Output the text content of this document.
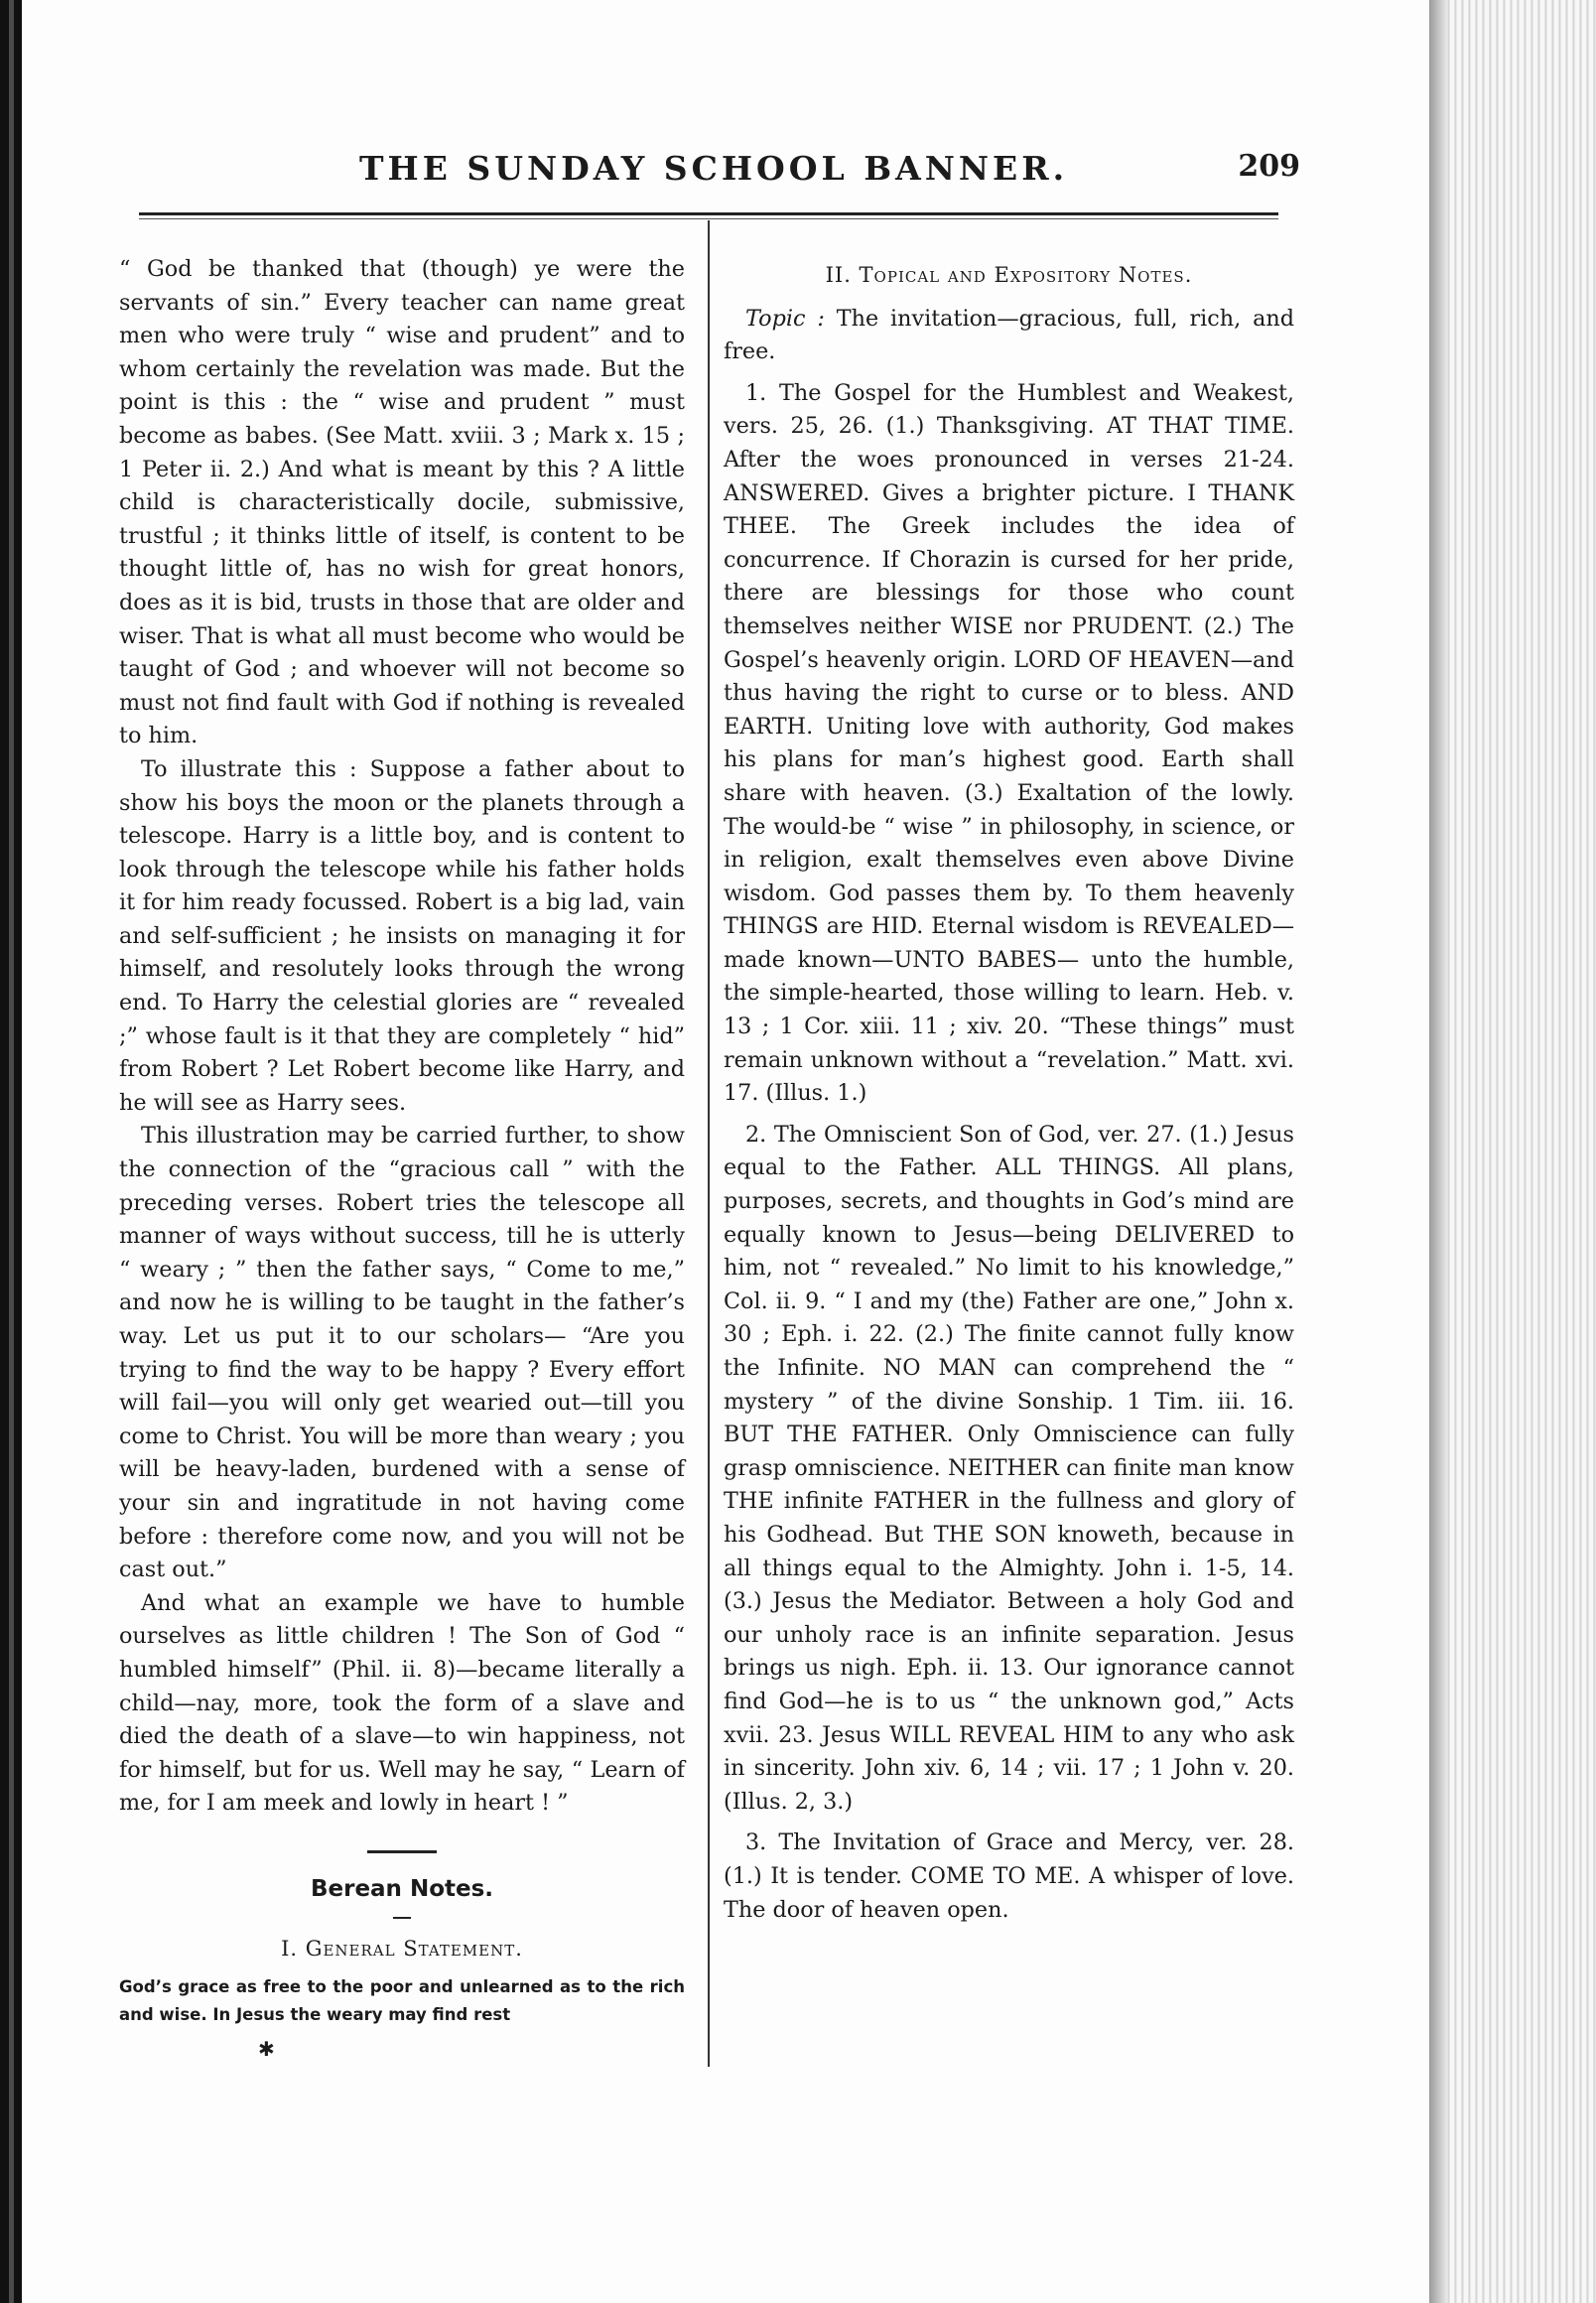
THE SUNDAY SCHOOL BANNER.	209

“ God be thanked that (though) ye were the servants of sin.” Every teacher can name great men who were truly “ wise and prudent” and to whom certainly the revelation was made. But the point is this : the “ wise and prudent ” must become as babes. (See Matt. xviii. 3 ; Mark x. 15 ; 1 Peter ii. 2.) And what is meant by this ? A little child is characteristically docile, submissive, trustful ; it thinks little of itself, is content to be thought little of, has no wish for great honors, does as it is bid, trusts in those that are older and wiser. That is what all must become who would be taught of God ; and whoever will not become so must not find fault with God if nothing is revealed to him.

To illustrate this : Suppose a father about to show his boys the moon or the planets through a telescope. Harry is a little boy, and is content to look through the telescope while his father holds it for him ready focussed. Robert is a big lad, vain and self-sufficient ; he insists on managing it for himself, and resolutely looks through the wrong end. To Harry the celestial glories are “ revealed ;” whose fault is it that they are completely “ hid” from Robert ? Let Robert become like Harry, and he will see as Harry sees.

This illustration may be carried further, to show the connection of the “gracious call ” with the preceding verses. Robert tries the telescope all manner of ways without success, till he is utterly “ weary ; ” then the father says, “ Come to me,” and now he is willing to be taught in the father’s way. Let us put it to our scholars— “Are you trying to find the way to be happy ? Every effort will fail—you will only get wearied out—till you come to Christ. You will be more than weary ; you will be heavy-laden, burdened with a sense of your sin and ingratitude in not having come before : therefore come now, and you will not be cast out.”

And what an example we have to humble ourselves as little children ! The Son of God “ humbled himself” (Phil. ii. 8)—became literally a child—nay, more, took the form of a slave and died the death of a slave—to win happiness, not for himself, but for us. Well may he say, “ Learn of me, for I am meek and lowly in heart ! ”

Berean Notes.
I. General Statement.
God’s grace as free to the poor and unlearned as to the rich and wise. In Jesus the weary may find rest
✱

II. Topical and Expository Notes.

Topic : The invitation—gracious, full, rich, and free.

1. The Gospel for the Humblest and Weakest, vers. 25, 26. (1.) Thanksgiving. AT THAT TIME. After the woes pronounced in verses 21-24. ANSWERED. Gives a brighter picture. I THANK THEE. The Greek includes the idea of concurrence. If Chorazin is cursed for her pride, there are blessings for those who count themselves neither WISE nor PRUDENT. (2.) The Gospel’s heavenly origin. LORD OF HEAVEN—and thus having the right to curse or to bless. AND EARTH. Uniting love with authority, God makes his plans for man’s highest good. Earth shall share with heaven. (3.) Exaltation of the lowly. The would-be “ wise ” in philosophy, in science, or in religion, exalt themselves even above Divine wisdom. God passes them by. To them heavenly THINGS are HID. Eternal wisdom is REVEALED—made known—UNTO BABES— unto the humble, the simple-hearted, those willing to learn. Heb. v. 13 ; 1 Cor. xiii. 11 ; xiv. 20. “These things” must remain unknown without a “revelation.” Matt. xvi. 17. (Illus. 1.)

2. The Omniscient Son of God, ver. 27. (1.) Jesus equal to the Father. ALL THINGS. All plans, purposes, secrets, and thoughts in God’s mind are equally known to Jesus—being DELIVERED to him, not “ revealed.” No limit to his knowledge,” Col. ii. 9. “ I and my (the) Father are one,” John x. 30 ; Eph. i. 22. (2.) The finite cannot fully know the Infinite. NO MAN can comprehend the “ mystery ” of the divine Sonship. 1 Tim. iii. 16. BUT THE FATHER. Only Omniscience can fully grasp omniscience. NEITHER can finite man know THE infinite FATHER in the fullness and glory of his Godhead. But THE SON knoweth, because in all things equal to the Almighty. John i. 1-5, 14. (3.) Jesus the Mediator. Between a holy God and our unholy race is an infinite separation. Jesus brings us nigh. Eph. ii. 13. Our ignorance cannot find God—he is to us “ the unknown god,” Acts xvii. 23. Jesus WILL REVEAL HIM to any who ask in sincerity. John xiv. 6, 14 ; vii. 17 ; 1 John v. 20. (Illus. 2, 3.)

3. The Invitation of Grace and Mercy, ver. 28. (1.) It is tender. COME TO ME. A whisper of love. The door of heaven open.
